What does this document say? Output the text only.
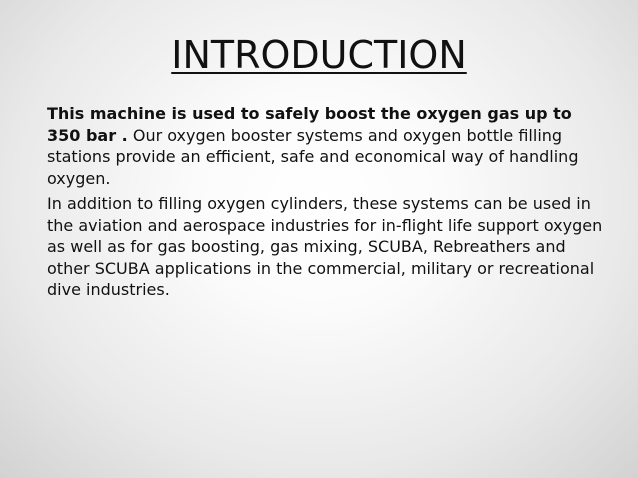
INTRODUCTION

This machine is used to safely boost the oxygen gas up to 350 bar . Our oxygen booster systems and oxygen bottle filling stations provide an efficient, safe and economical way of handling oxygen.

In addition to filling oxygen cylinders, these systems can be used in the aviation and aerospace industries for in-flight life support oxygen as well as for gas boosting, gas mixing, SCUBA, Rebreathers and other SCUBA applications in the commercial, military or recreational dive industries.
